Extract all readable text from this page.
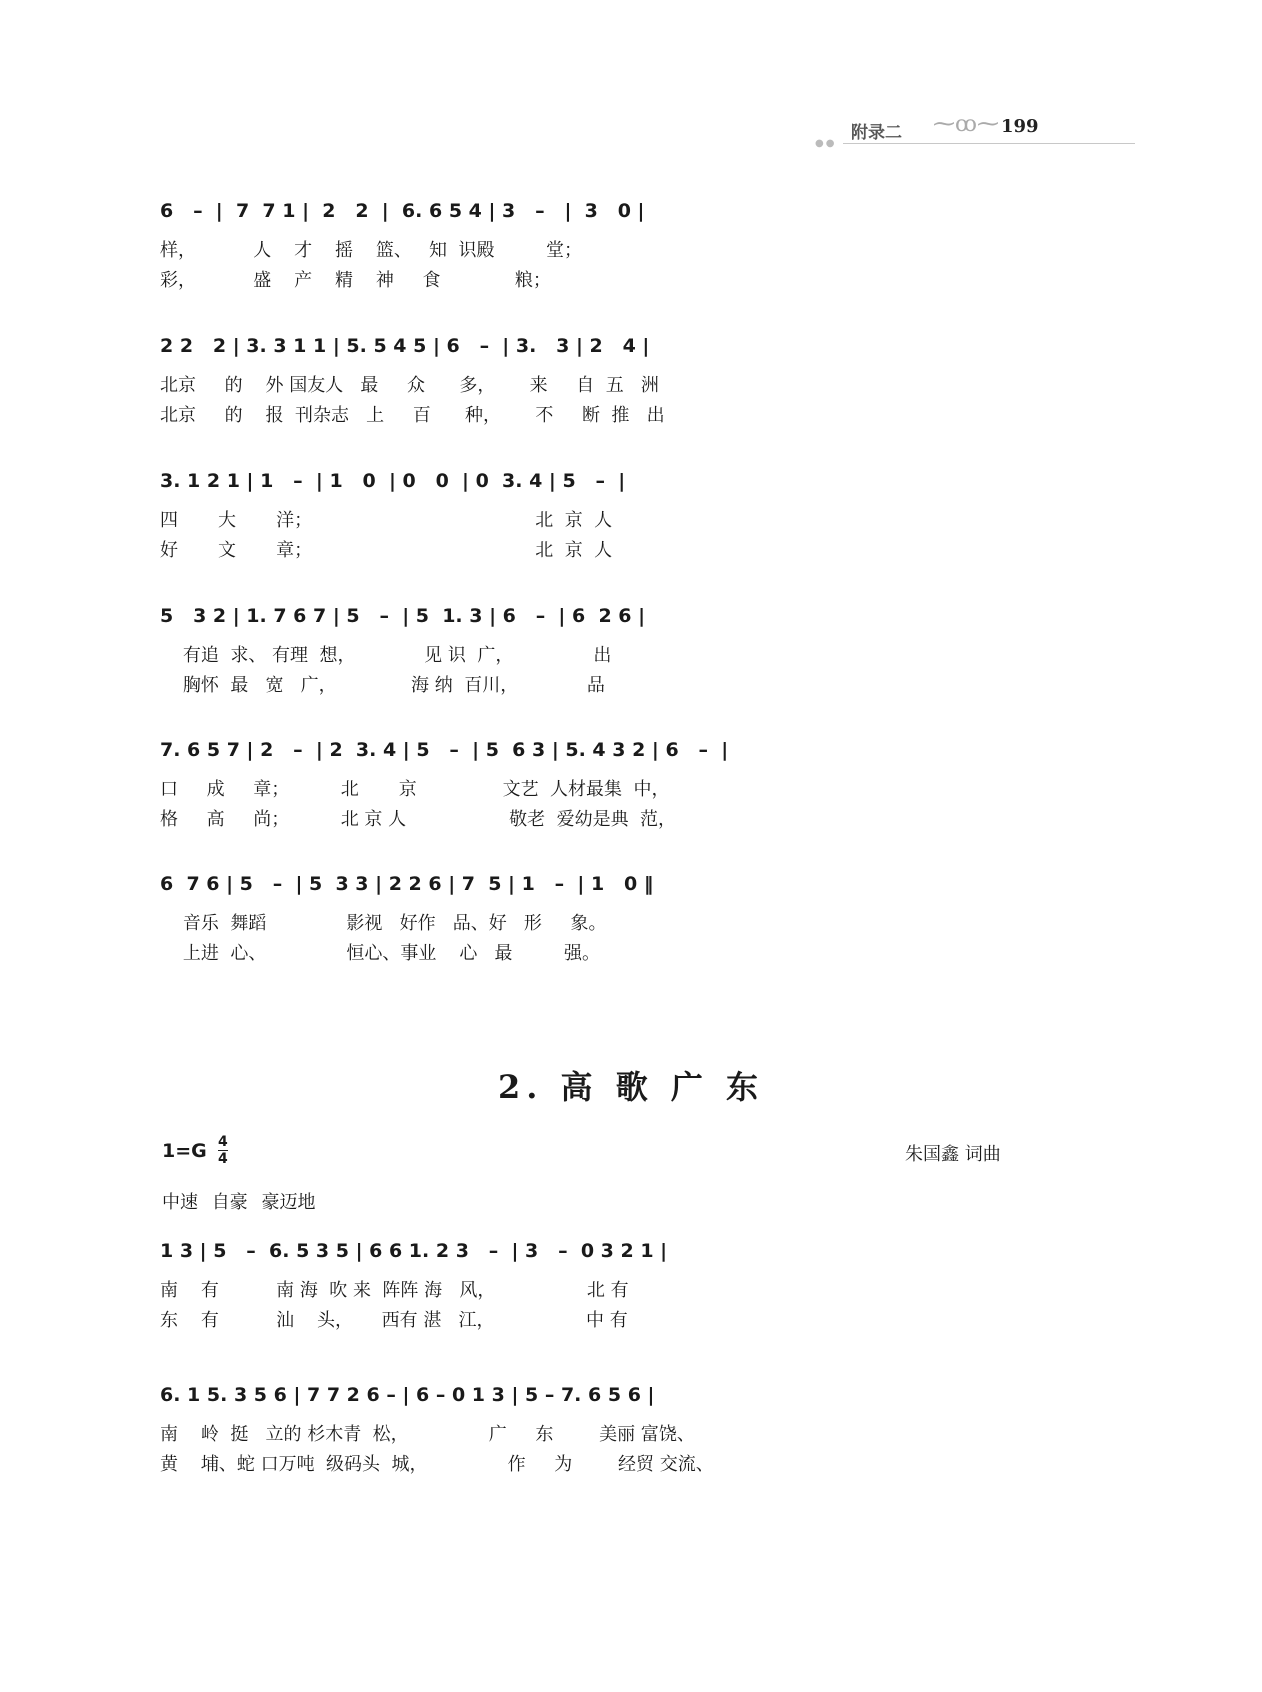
●●
附录二 ⁓ꝏ⁓ 199
6   –  |  7  7 1 |  2   2  |  6. 6 5 4 | 3   –   |  3   0 |
样，          人    才    摇    篮、   知  识殿         堂；
彩，          盛    产    精    神     食             粮；
2 2   2 | 3. 3 1 1 | 5. 5 4 5 | 6   –  | 3.   3 | 2   4 |
北京     的    外 国友人   最     众      多，      来     自  五   洲
北京     的    报  刊杂志   上     百      种，      不     断  推   出
3. 1 2 1 | 1   –  | 1   0  | 0   0  | 0  3. 4 | 5   –  |
四       大       洋；                                       北  京  人
好       文       章；                                       北  京  人
5   3 2 | 1. 7 6 7 | 5   –  | 5  1. 3 | 6   –  | 6  2 6 |
有追  求、 有理  想，            见 识  广，              出
胸怀  最   宽   广，             海 纳  百川，            品
7. 6 5 7 | 2   –  | 2  3. 4 | 5   –  | 5  6 3 | 5. 4 3 2 | 6   –  |
口     成     章；         北       京               文艺  人材最集  中，
格     高     尚；         北 京 人                  敬老  爱幼是典  范，
6  7 6 | 5   –  | 5  3 3 | 2 2 6 | 7  5 | 1   –  | 1   0 ‖
音乐  舞蹈              影视   好作   品、好   形     象。
上进  心、              恒心、事业    心   最         强。
2. 高 歌 广 东
$1=G \frac{4}{4}$	朱国鑫 词曲
中速 自豪 豪迈地
1 3 | 5   –  6. 5 3 5 | 6 6 1. 2 3   –  | 3   –  0 3 2 1 |
南    有          南 海  吹 来  阵阵 海   风，                北 有
东    有          汕    头，     西有 湛   江，                中 有
6. 1 5. 3 5 6 | 7 7 2 6 – | 6 – 0 1 3 | 5 – 7. 6 5 6 |
南    岭  挺   立的 杉木青  松，              广     东        美丽 富饶、
黄    埔、蛇 口万吨  级码头  城，              作     为        经贸 交流、
